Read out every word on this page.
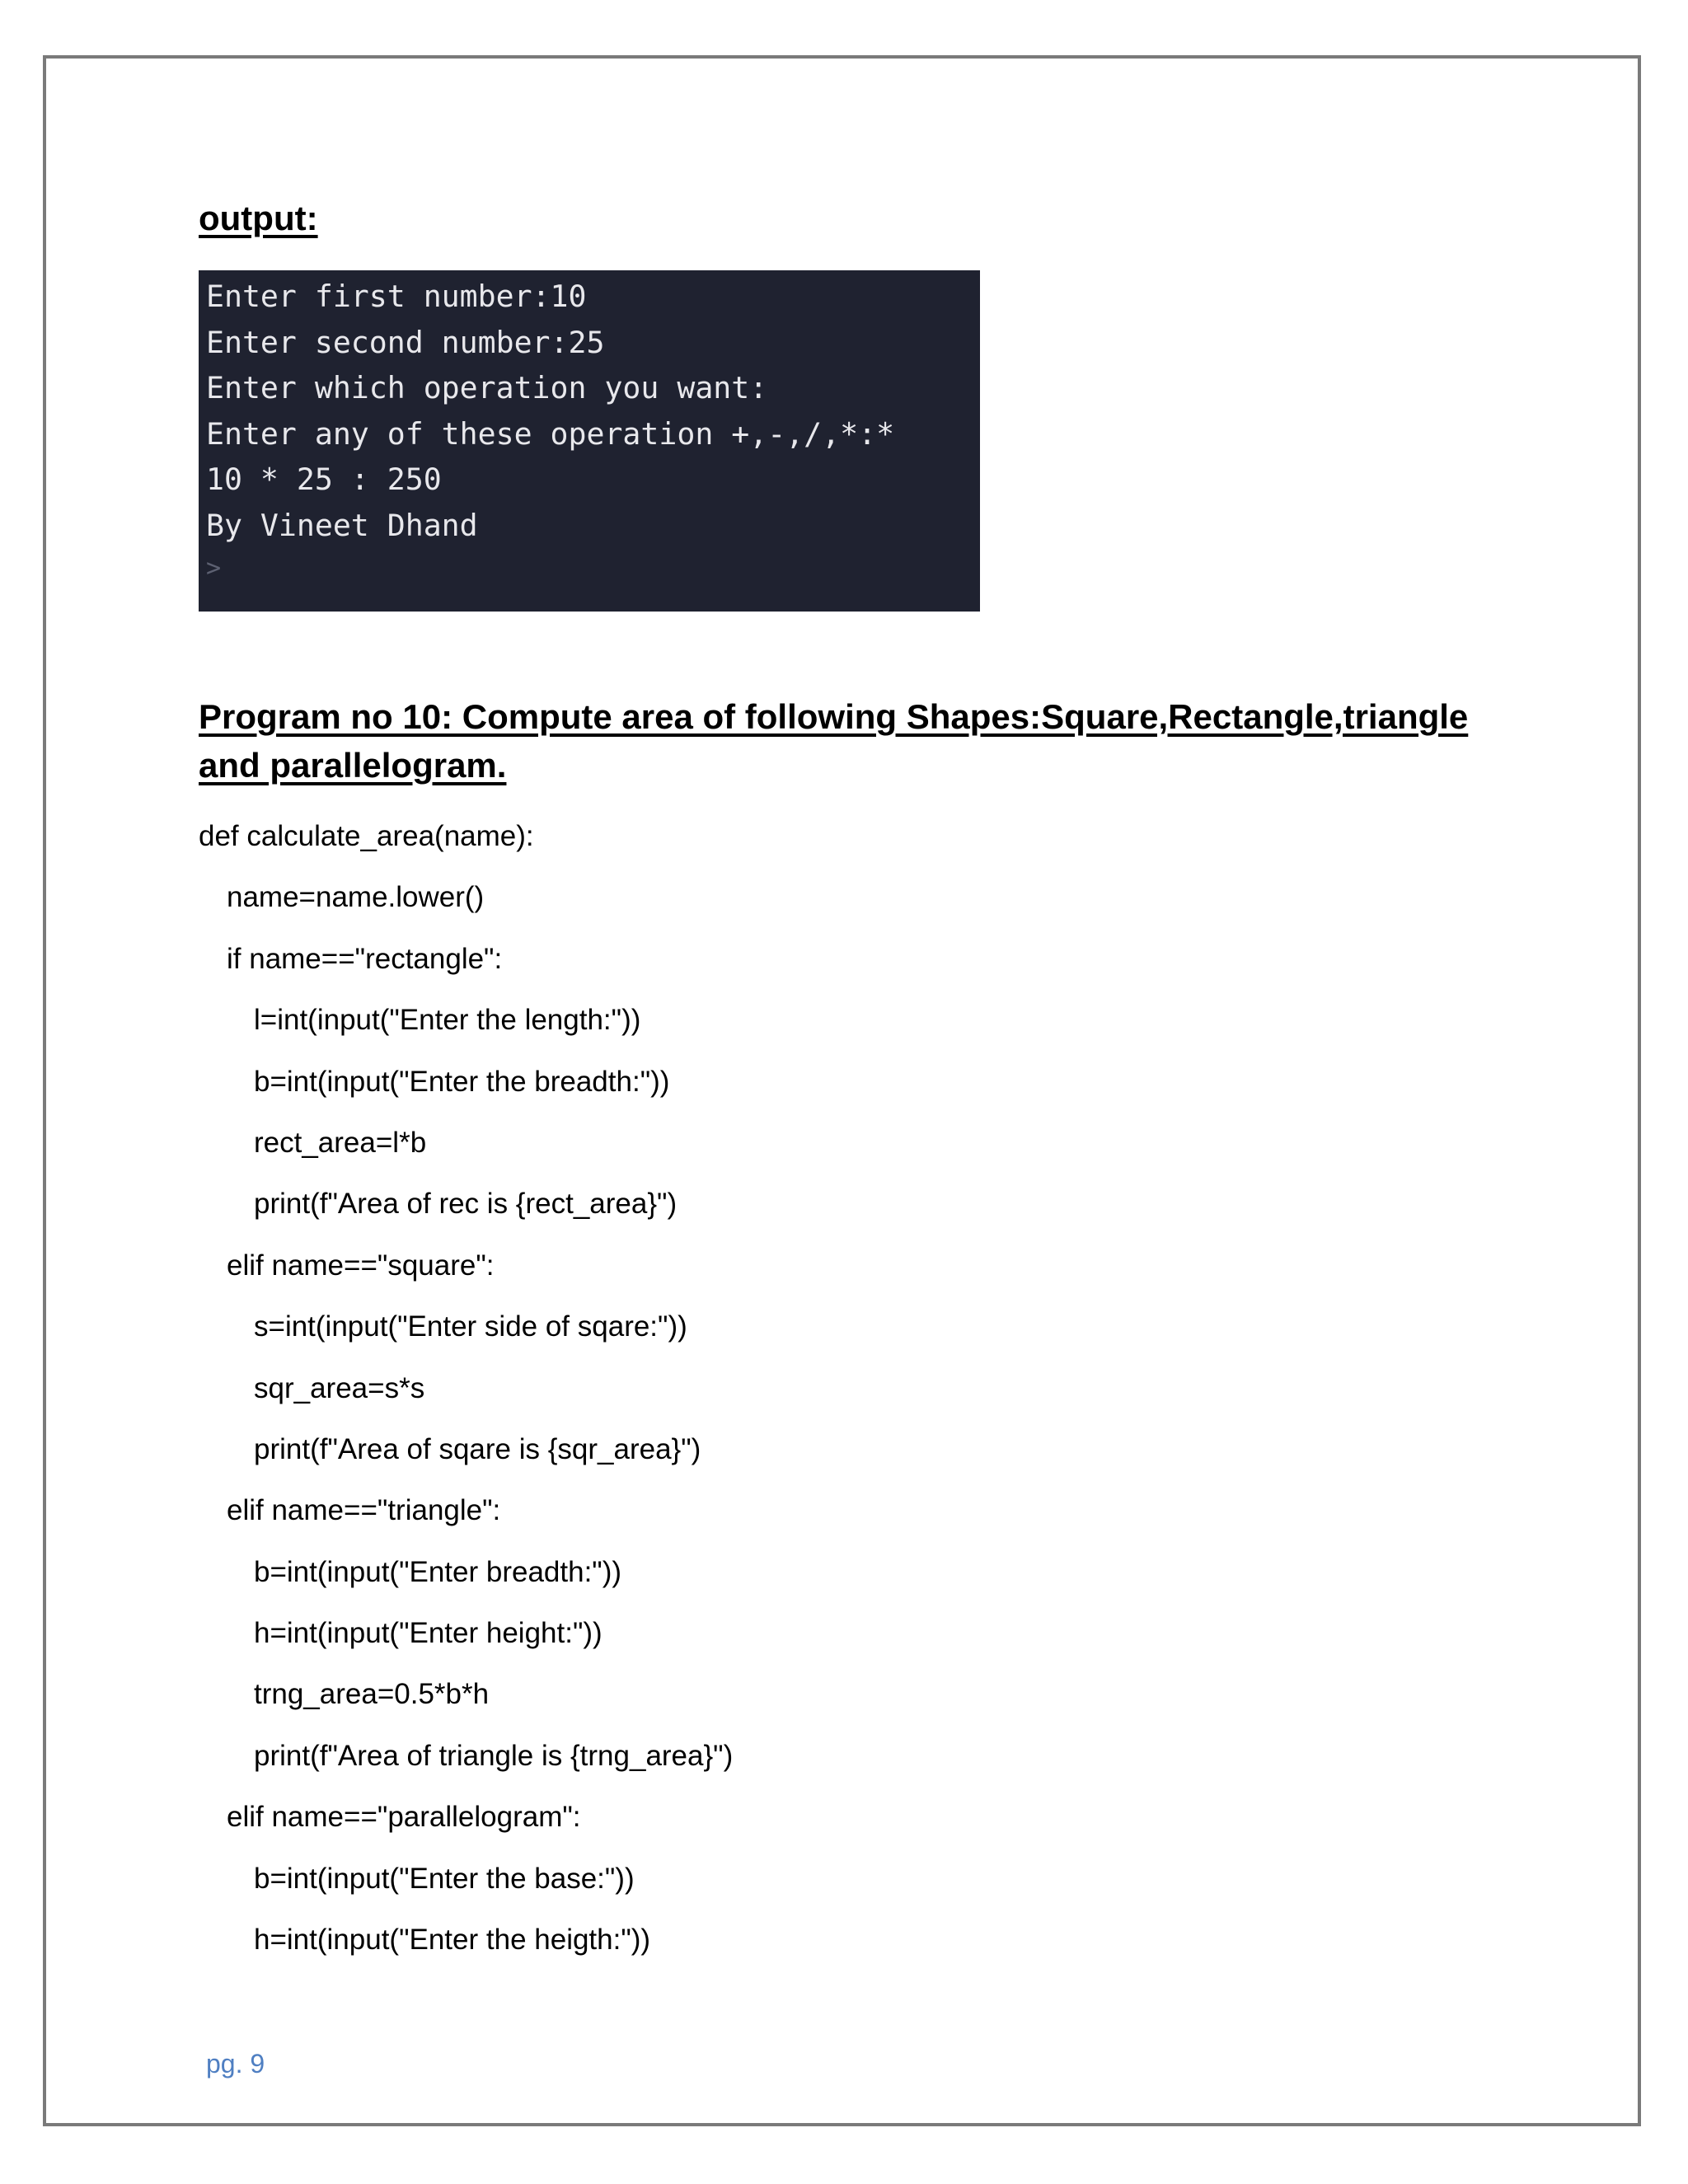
output:
Enter first number:10
Enter second number:25
Enter which operation you want:
Enter any of these operation +,-,/,*:*
10 * 25 : 250
By Vineet Dhand
>
Program no 10: Compute area of following Shapes:Square,Rectangle,triangle and parallelogram.
def calculate_area(name):
name=name.lower()
if name=="rectangle":
l=int(input("Enter the length:"))
b=int(input("Enter the breadth:"))
rect_area=l*b
print(f"Area of rec is {rect_area}")
elif name=="square":
s=int(input("Enter side of sqare:"))
sqr_area=s*s
print(f"Area of sqare is {sqr_area}")
elif name=="triangle":
b=int(input("Enter breadth:"))
h=int(input("Enter height:"))
trng_area=0.5*b*h
print(f"Area of triangle is {trng_area}")
elif name=="parallelogram":
b=int(input("Enter the base:"))
h=int(input("Enter the heigth:"))
pg. 9
